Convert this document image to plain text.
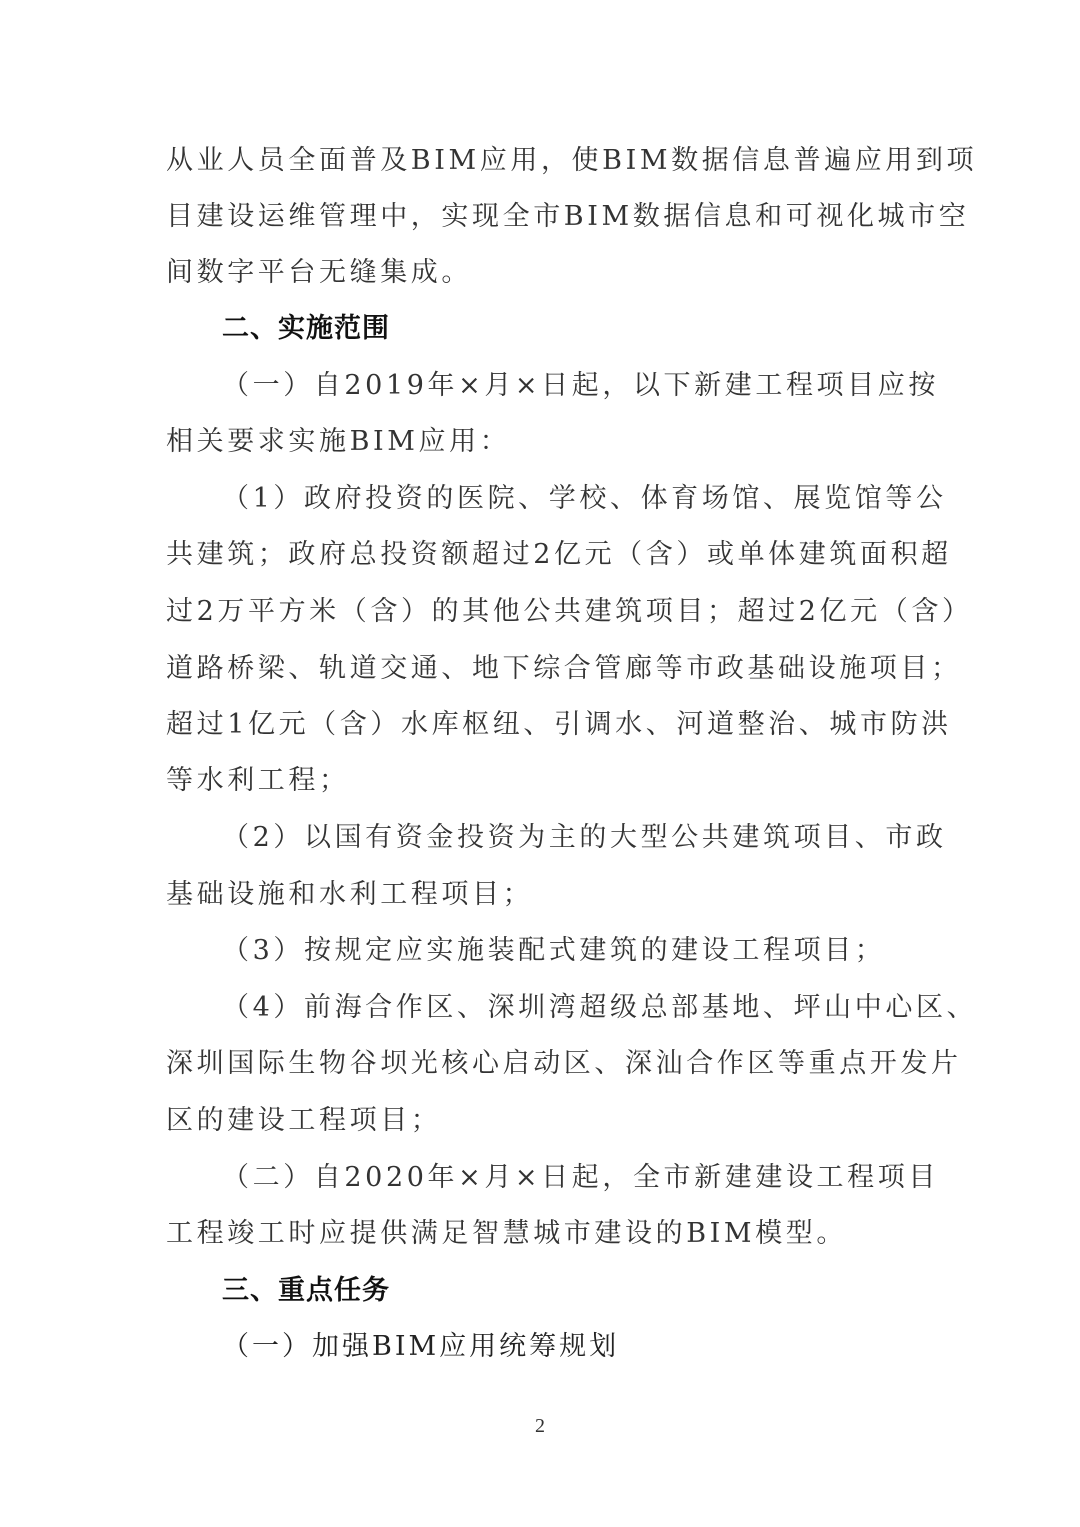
从业人员全面普及BIM应用，使BIM数据信息普遍应用到项
目建设运维管理中，实现全市BIM数据信息和可视化城市空
间数字平台无缝集成。
二、实施范围
（一）自2019年×月×日起，以下新建工程项目应按
相关要求实施BIM应用：
（1）政府投资的医院、学校、体育场馆、展览馆等公
共建筑；政府总投资额超过2亿元（含）或单体建筑面积超
过2万平方米（含）的其他公共建筑项目；超过2亿元（含）
道路桥梁、轨道交通、地下综合管廊等市政基础设施项目；
超过1亿元（含）水库枢纽、引调水、河道整治、城市防洪
等水利工程；
（2）以国有资金投资为主的大型公共建筑项目、市政
基础设施和水利工程项目；
（3）按规定应实施装配式建筑的建设工程项目；
（4）前海合作区、深圳湾超级总部基地、坪山中心区、
深圳国际生物谷坝光核心启动区、深汕合作区等重点开发片
区的建设工程项目；
（二）自2020年×月×日起，全市新建建设工程项目
工程竣工时应提供满足智慧城市建设的BIM模型。
三、重点任务
（一）加强BIM应用统筹规划
2
